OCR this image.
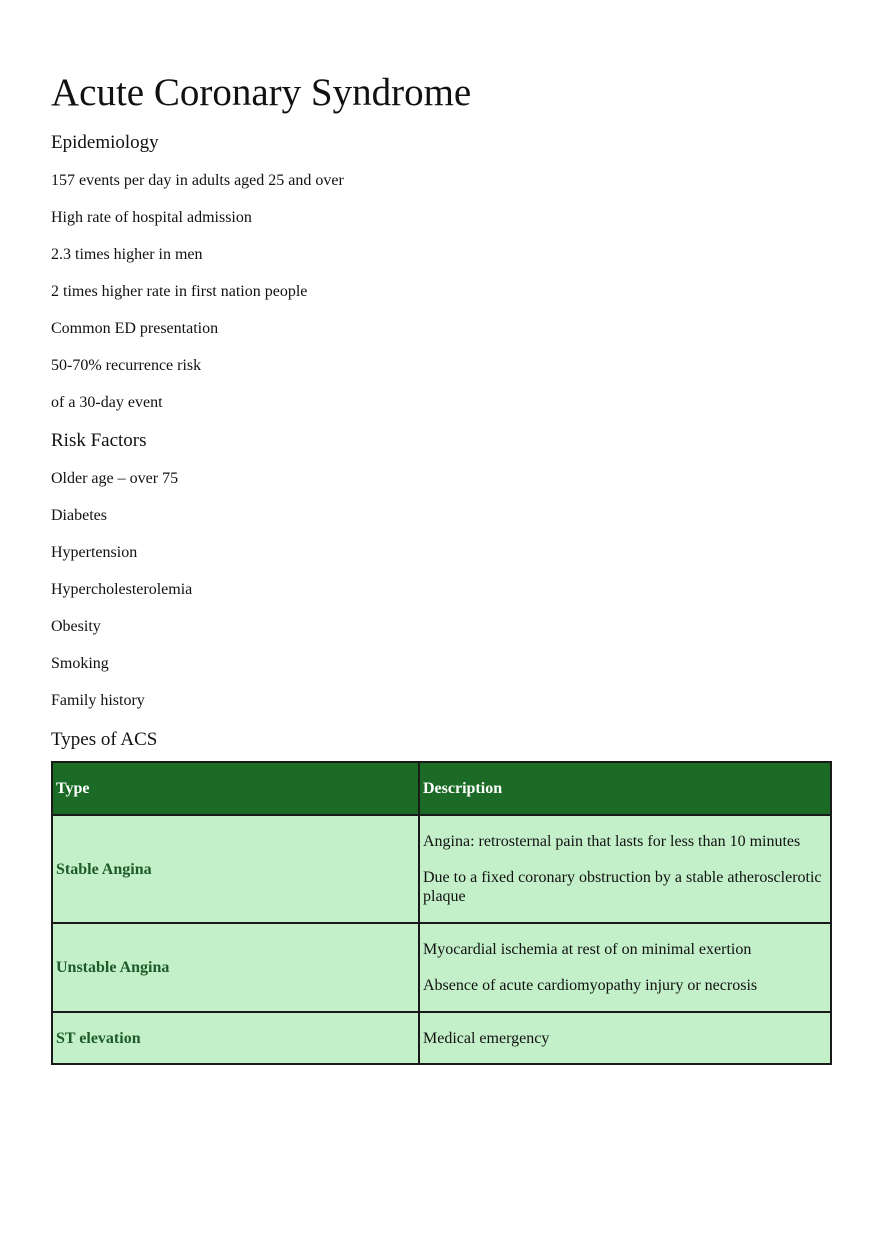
Acute Coronary Syndrome
Epidemiology

157 events per day in adults aged 25 and over

High rate of hospital admission

2.3 times higher in men

2 times higher rate in first nation people

Common ED presentation

50-70% recurrence risk

of a 30-day event

Risk Factors

Older age – over 75

Diabetes

Hypertension

Hypercholesterolemia

Obesity

Smoking

Family history

Types of ACS
Type	Description
Stable Angina	Angina: retrosternal pain that lasts for less than 10 minutes

Due to a fixed coronary obstruction by a stable atherosclerotic plaque

Unstable Angina	Myocardial ischemia at rest of on minimal exertion

Absence of acute cardiomyopathy injury or necrosis

ST elevation	Medical emergency
